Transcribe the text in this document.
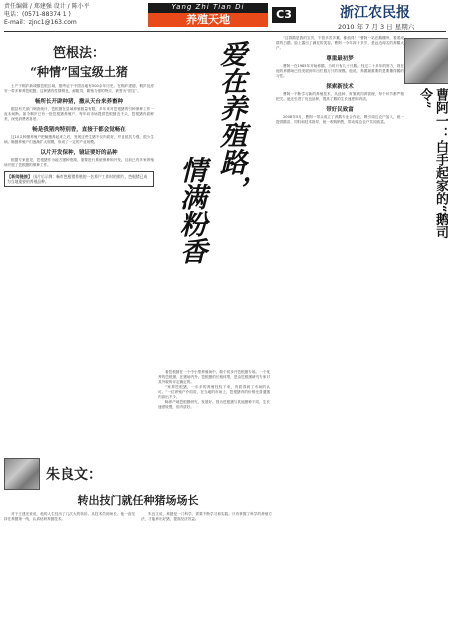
责任编辑 / 郑建强 设计 / 陈小平
电话：(0571-88374 1 )
E-mail：zjnc1@163.com
Yang Zhi Tian Di
养殖天地	C3	浙江农民报
2010 年 7 月 3 日 星期六
笆根法：
“种情”国宝级土猪

土产于桐庐新城镇笆根区域，据考证于中国各地有500余年历史。在桐庐建德，桐庐及淳安一带多种养笆根猪。这种猪有性情驯良，耐粗饲，繁殖力强的特点，被誉为“国宝”。

畅所长开辟种猪，撤从天台来养畜种

据县有关部门调查统计，笆根猪在县域养殖数量有限，多年来对笆根猪的引种保种工作一直未间断。如今桐庐已有一批笆根猪养殖户，每年向市场提供笆根猪近千头，笆根猪肉质鲜美，深受消费者喜爱。

畅是我猪肉特别香，直接于都会觉畅在

这10头种猪养殖户把畅猪养起来之后，发现这些生猪不仅肉质好，并且抵抗力强，很少生病。畅猪养殖户们逐渐扩大规模，形成了一定的产业规模。

以片开发保种，镜证要好的品种

根据专家意见，笆根猪作为地方猪种资源，需要进行系统保种和开发。目前已有多家养殖场开展了笆根猪的保种工作。

【新闻链接】 国片后示例：畅市笆根猪养殖的一名养户工作时的照片，笆根猪已成为当地重要的养殖品种。	爱在养殖路，
情满粉香

看笆根猪在一个中小型养殖场中，做个初步开笆根猪专场。一个优秀的笆根猪，在猪场内外，笆根猪的长相体型，是由笆根猪研究专家对其外貌的评定确定的。

“家养笆根猪，一年多的养殖经验下来，肉质得到了市场的认可。”一位养殖户介绍说，在当地的市场上，笆根猪肉的价格比普通猪肉高出不少。

畅养产地笆根猪研究，发展好。因为笆根猪与其他猪种不同，生长速度较慢，但肉质好。

“这群鹅是我的宝贝，不管多苦多累，都值得！”曹阿一站在鹅棚旁，看着成群的白鹅，脸上露出了满足的笑容。曹阿一今年四十多岁，是远近闻名的养鹅大户。

尊重最初梦

曹阿一在1985年开始养鹅，当时只有几十只鹅。经过二十多年的努力，现在他的养鹅场已经发展到年出栏数万只的规模。他说，养鹅最重要的是要懂得鹅的习性。

探索新技术

曹阿一不断学习新的养殖技术，从选种、育雏到饲养管理，每个环节都严格把关。他还引进了优良品种，提高了鹅的生长速度和肉质。

带好民致富

2008年5月，曹阿一带头成立了养鹅专业合作社，吸引周边农户加入，统一提供鹅苗、饲料和技术指导，统一收购销售，带动周边农户共同致富。	曹阿一：白手起家的“鹅司令”
朱良文：
转出技门就任种猪场场长

对于王建光来说，他的人生经历了几次大的转折。从技术员到场长，他一直坚持在养猪第一线，认真钻研养猪技术。

朱良文说，养猪是一门科学，需要不断学习和实践。只有掌握了科学的养殖方法，才能养出好猪，提高经济效益。
